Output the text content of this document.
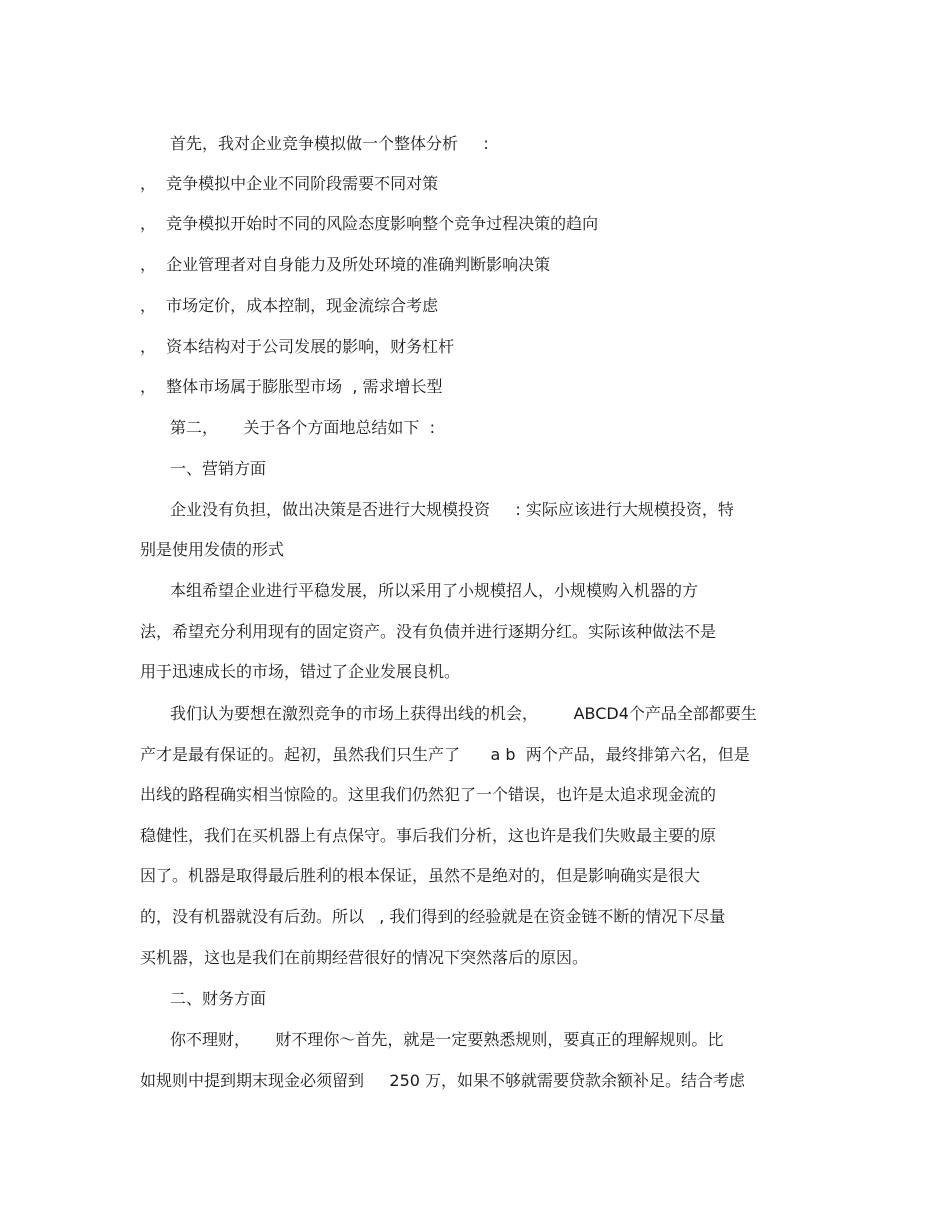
首先，我对企业竞争模拟做一个整体分析     :
，  竞争模拟中企业不同阶段需要不同对策
，  竞争模拟开始时不同的风险态度影响整个竞争过程决策的趋向
，  企业管理者对自身能力及所处环境的准确判断影响决策
，  市场定价，成本控制，现金流综合考虑
，  资本结构对于公司发展的影响，财务杠杆
，  整体市场属于膨胀型市场  , 需求增长型
第二，     关于各个方面地总结如下  :
一、营销方面
企业没有负担，做出决策是否进行大规模投资     : 实际应该进行大规模投资，特
别是使用发债的形式
本组希望企业进行平稳发展，所以采用了小规模招人，小规模购入机器的方
法，希望充分利用现有的固定资产。没有负债并进行逐期分红。实际该种做法不是
用于迅速成长的市场，错过了企业发展良机。
我们认为要想在激烈竞争的市场上获得出线的机会，       ABCD4个产品全部都要生
产才是最有保证的。起初，虽然我们只生产了      a b  两个产品，最终排第六名，但是
出线的路程确实相当惊险的。这里我们仍然犯了一个错误，也许是太追求现金流的
稳健性，我们在买机器上有点保守。事后我们分析，这也许是我们失败最主要的原
因了。机器是取得最后胜利的根本保证，虽然不是绝对的，但是影响确实是很大
的，没有机器就没有后劲。所以   , 我们得到的经验就是在资金链不断的情况下尽量
买机器，这也是我们在前期经营很好的情况下突然落后的原因。
二、财务方面
你不理财，     财不理你～首先，就是一定要熟悉规则，要真正的理解规则。比
如规则中提到期末现金必须留到     250 万，如果不够就需要贷款余额补足。结合考虑
